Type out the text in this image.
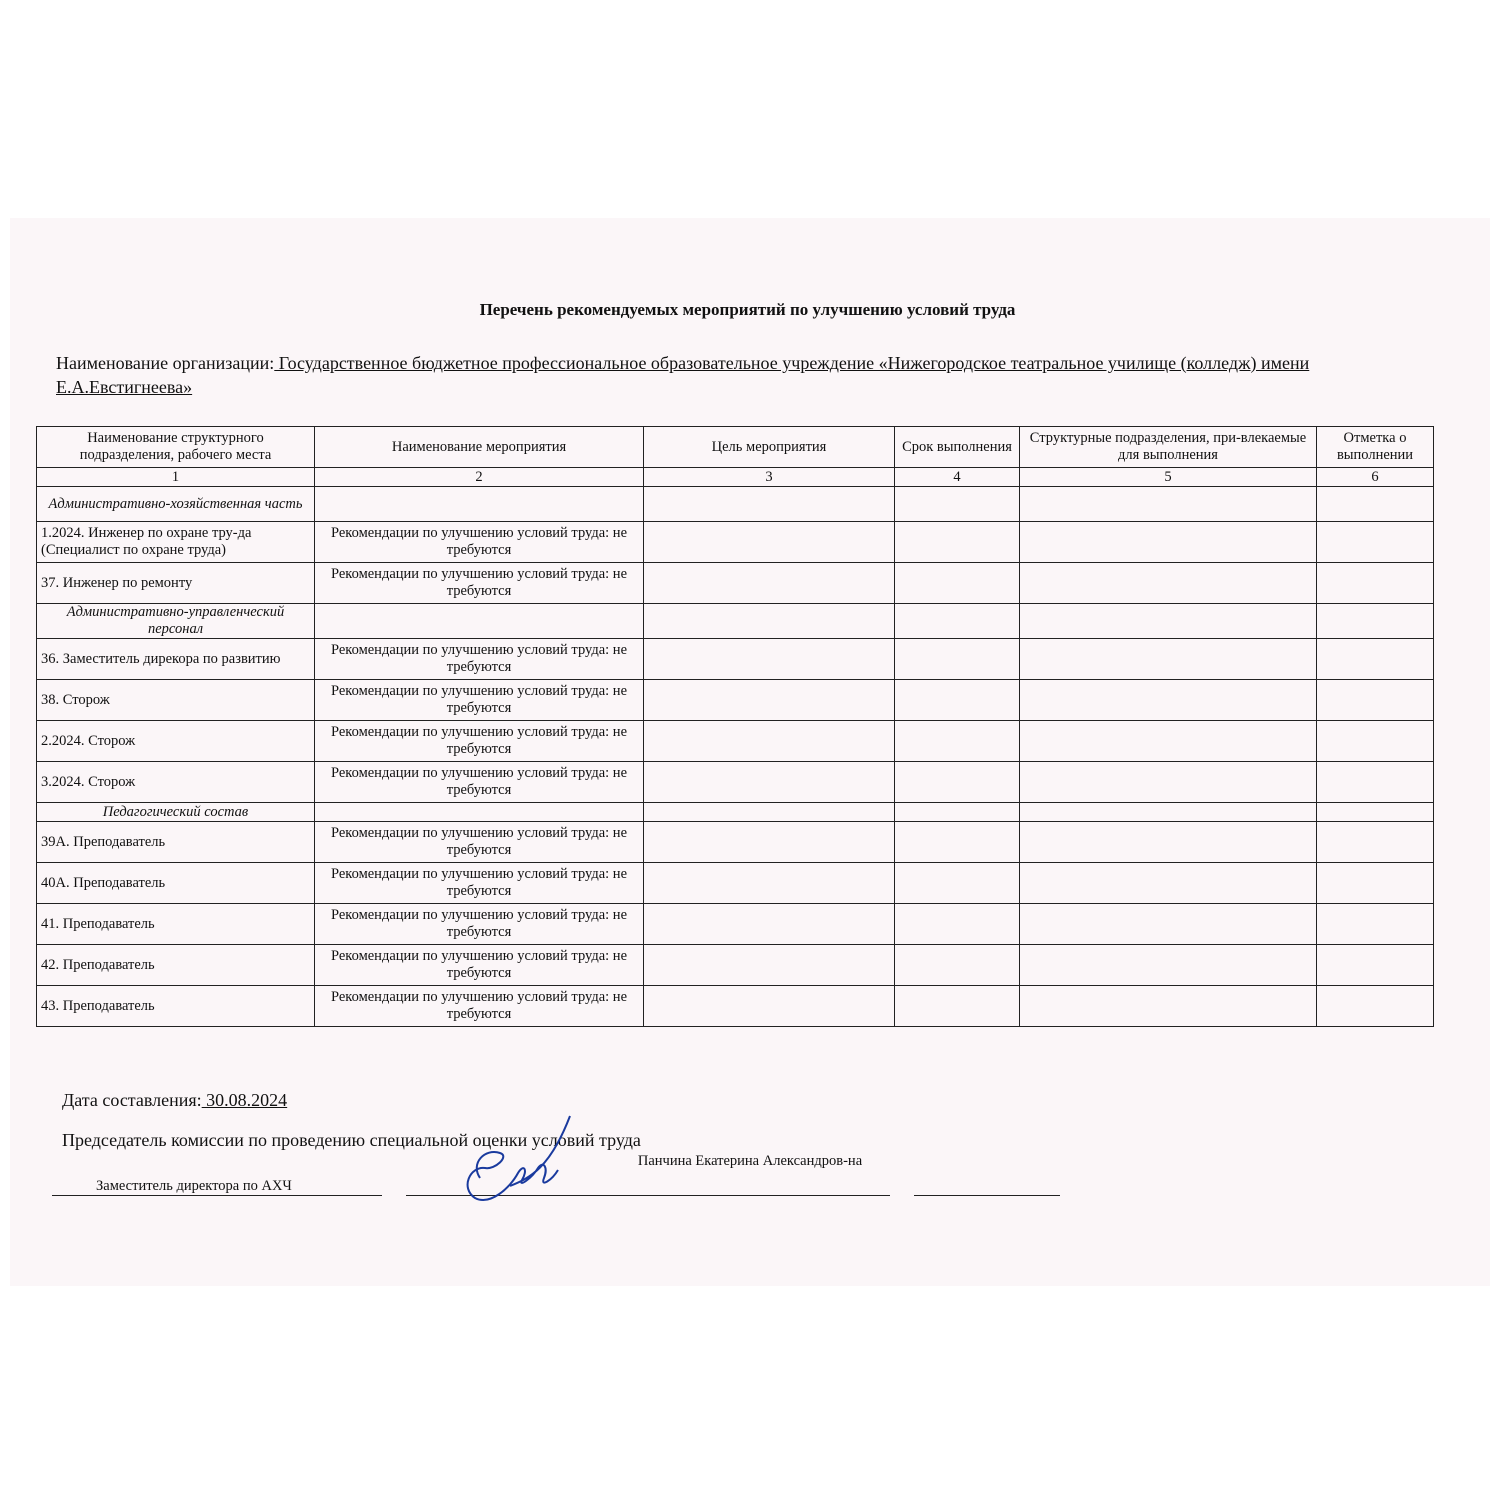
Перечень рекомендуемых мероприятий по улучшению условий труда
Наименование организации: Государственное бюджетное профессиональное образовательное учреждение «Нижегородское театральное училище (колледж) имени Е.А.Евстигнеева»
Наименование структурного подразделения, рабочего места	Наименование мероприятия	Цель мероприятия	Срок выполнения	Структурные подразделения, при-влекаемые для выполнения	Отметка о выполнении
1	2	3	4	5	6
Административно-хозяйственная часть					
1.2024. Инженер по охране тру-да (Специалист по охране труда)	Рекомендации по улучшению условий труда: не требуются				
37. Инженер по ремонту	Рекомендации по улучшению условий труда: не требуются				
Административно-управленческий персонал					
36. Заместитель дирекора по развитию	Рекомендации по улучшению условий труда: не требуются				
38. Сторож	Рекомендации по улучшению условий труда: не требуются				
2.2024. Сторож	Рекомендации по улучшению условий труда: не требуются				
3.2024. Сторож	Рекомендации по улучшению условий труда: не требуются				
Педагогический состав					
39А. Преподаватель	Рекомендации по улучшению условий труда: не требуются				
40А. Преподаватель	Рекомендации по улучшению условий труда: не требуются				
41. Преподаватель	Рекомендации по улучшению условий труда: не требуются				
42. Преподаватель	Рекомендации по улучшению условий труда: не требуются				
43. Преподаватель	Рекомендации по улучшению условий труда: не требуются				
Дата составления: 30.08.2024
Председатель комиссии по проведению специальной оценки условий труда
Заместитель директора по АХЧ
Панчина Екатерина Александров-на
